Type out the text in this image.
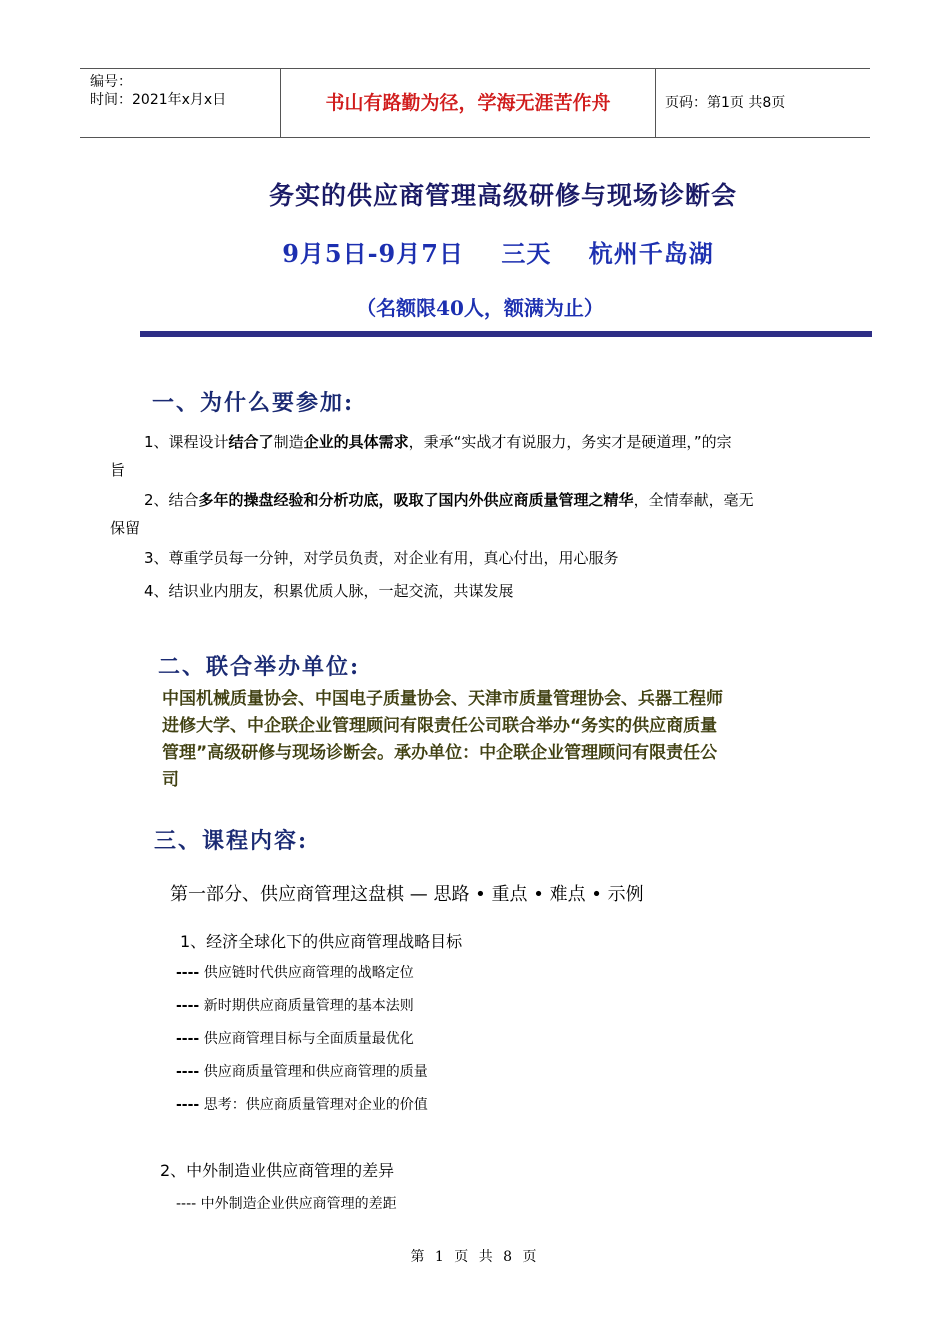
编号：
时间：2021年x月x日	书山有路勤为径，学海无涯苦作舟	页码：第1页 共8页
务实的供应商管理高级研修与现场诊断会
9月5日-9月7日    三天    杭州千岛湖
（名额限40人，额满为止）
一、为什么要参加:
1、课程设计结合了制造企业的具体需求，秉承“实战才有说服力，务实才是硬道理，”的宗
旨
2、结合多年的操盘经验和分析功底，吸取了国内外供应商质量管理之精华，全情奉献，毫无
保留
3、尊重学员每一分钟，对学员负责，对企业有用，真心付出，用心服务
4、结识业内朋友，积累优质人脉，一起交流，共谋发展
二、联合举办单位:
中国机械质量协会、中国电子质量协会、天津市质量管理协会、兵器工程师
进修大学、中企联企业管理顾问有限责任公司联合举办“务实的供应商质量
管理”高级研修与现场诊断会。承办单位：中企联企业管理顾问有限责任公
司
三、课程内容:
第一部分、供应商管理这盘棋 — 思路 • 重点 • 难点 • 示例
1、经济全球化下的供应商管理战略目标
---- 供应链时代供应商管理的战略定位
---- 新时期供应商质量管理的基本法则
---- 供应商管理目标与全面质量最优化
---- 供应商质量管理和供应商管理的质量
---- 思考：供应商质量管理对企业的价值
2、中外制造业供应商管理的差异
---- 中外制造企业供应商管理的差距
第 1 页 共 8 页
